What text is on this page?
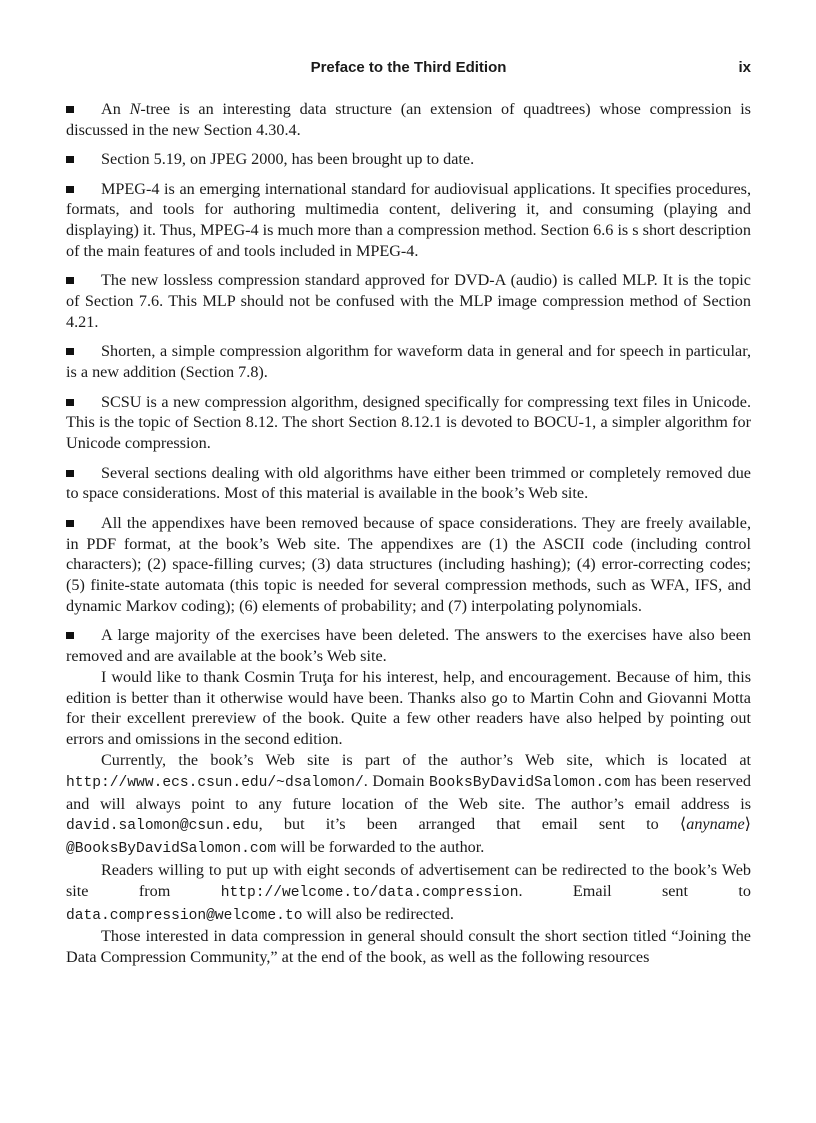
Preface to the Third Edition	ix

An N-tree is an interesting data structure (an extension of quadtrees) whose compression is discussed in the new Section 4.30.4.

Section 5.19, on JPEG 2000, has been brought up to date.

MPEG-4 is an emerging international standard for audiovisual applications. It specifies procedures, formats, and tools for authoring multimedia content, delivering it, and consuming (playing and displaying) it. Thus, MPEG-4 is much more than a compression method. Section 6.6 is s short description of the main features of and tools included in MPEG-4.

The new lossless compression standard approved for DVD-A (audio) is called MLP. It is the topic of Section 7.6. This MLP should not be confused with the MLP image compression method of Section 4.21.

Shorten, a simple compression algorithm for waveform data in general and for speech in particular, is a new addition (Section 7.8).

SCSU is a new compression algorithm, designed specifically for compressing text files in Unicode. This is the topic of Section 8.12. The short Section 8.12.1 is devoted to BOCU-1, a simpler algorithm for Unicode compression.

Several sections dealing with old algorithms have either been trimmed or completely removed due to space considerations. Most of this material is available in the book’s Web site.

All the appendixes have been removed because of space considerations. They are freely available, in PDF format, at the book’s Web site. The appendixes are (1) the ASCII code (including control characters); (2) space-filling curves; (3) data structures (including hashing); (4) error-correcting codes; (5) finite-state automata (this topic is needed for several compression methods, such as WFA, IFS, and dynamic Markov coding); (6) elements of probability; and (7) interpolating polynomials.

A large majority of the exercises have been deleted. The answers to the exercises have also been removed and are available at the book’s Web site.

I would like to thank Cosmin Truţa for his interest, help, and encouragement. Because of him, this edition is better than it otherwise would have been. Thanks also go to Martin Cohn and Giovanni Motta for their excellent prereview of the book. Quite a few other readers have also helped by pointing out errors and omissions in the second edition.

Currently, the book’s Web site is part of the author’s Web site, which is located at http://www.ecs.csun.edu/~dsalomon/. Domain BooksByDavidSalomon.com has been reserved and will always point to any future location of the Web site. The author’s email address is david.salomon@csun.edu, but it’s been arranged that email sent to ⟨anyname⟩@BooksByDavidSalomon.com will be forwarded to the author.

Readers willing to put up with eight seconds of advertisement can be redirected to the book’s Web site from http://welcome.to/data.compression. Email sent to data.compression@welcome.to will also be redirected.

Those interested in data compression in general should consult the short section titled “Joining the Data Compression Community,” at the end of the book, as well as the following resources
